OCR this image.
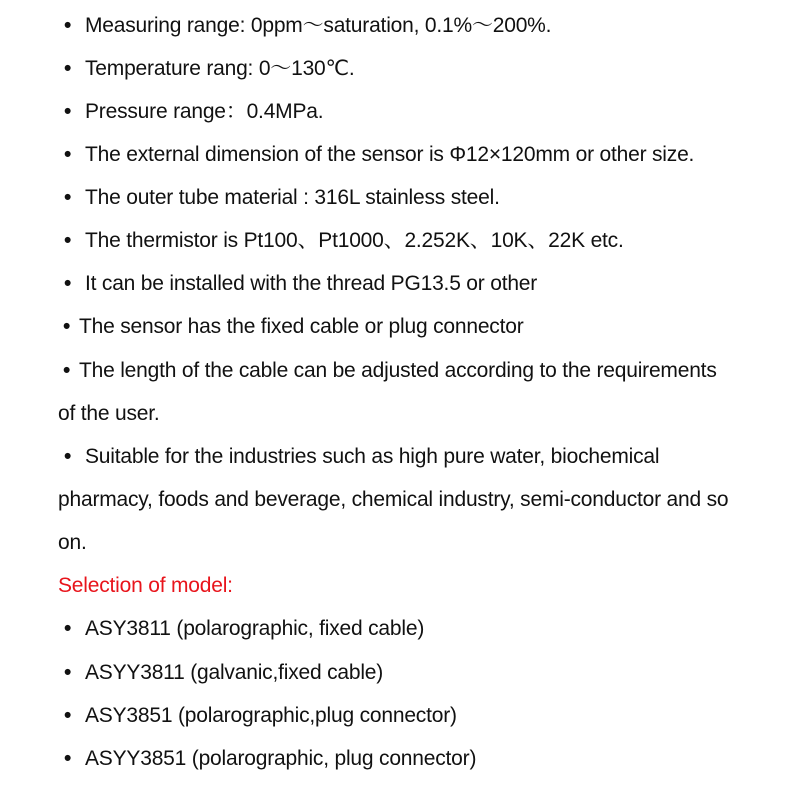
• Measuring range: 0ppm～saturation, 0.1%～200%.
• Temperature rang: 0～130℃.
• Pressure range：0.4MPa.
• The external dimension of the sensor is Φ12×120mm or other size.
• The outer tube material : 316L stainless steel.
• The thermistor is Pt100、Pt1000、2.252K、10K、22K etc.
• It can be installed with the thread PG13.5 or other
• The sensor has the fixed cable or plug connector
• The length of the cable can be adjusted according to the requirements
of the user.
• Suitable for the industries such as high pure water, biochemical
pharmacy, foods and beverage, chemical industry, semi-conductor and so
on.
Selection of model:
• ASY3811 (polarographic, fixed cable)
• ASYY3811 (galvanic,fixed cable)
• ASY3851 (polarographic,plug connector)
• ASYY3851 (polarographic, plug connector)
